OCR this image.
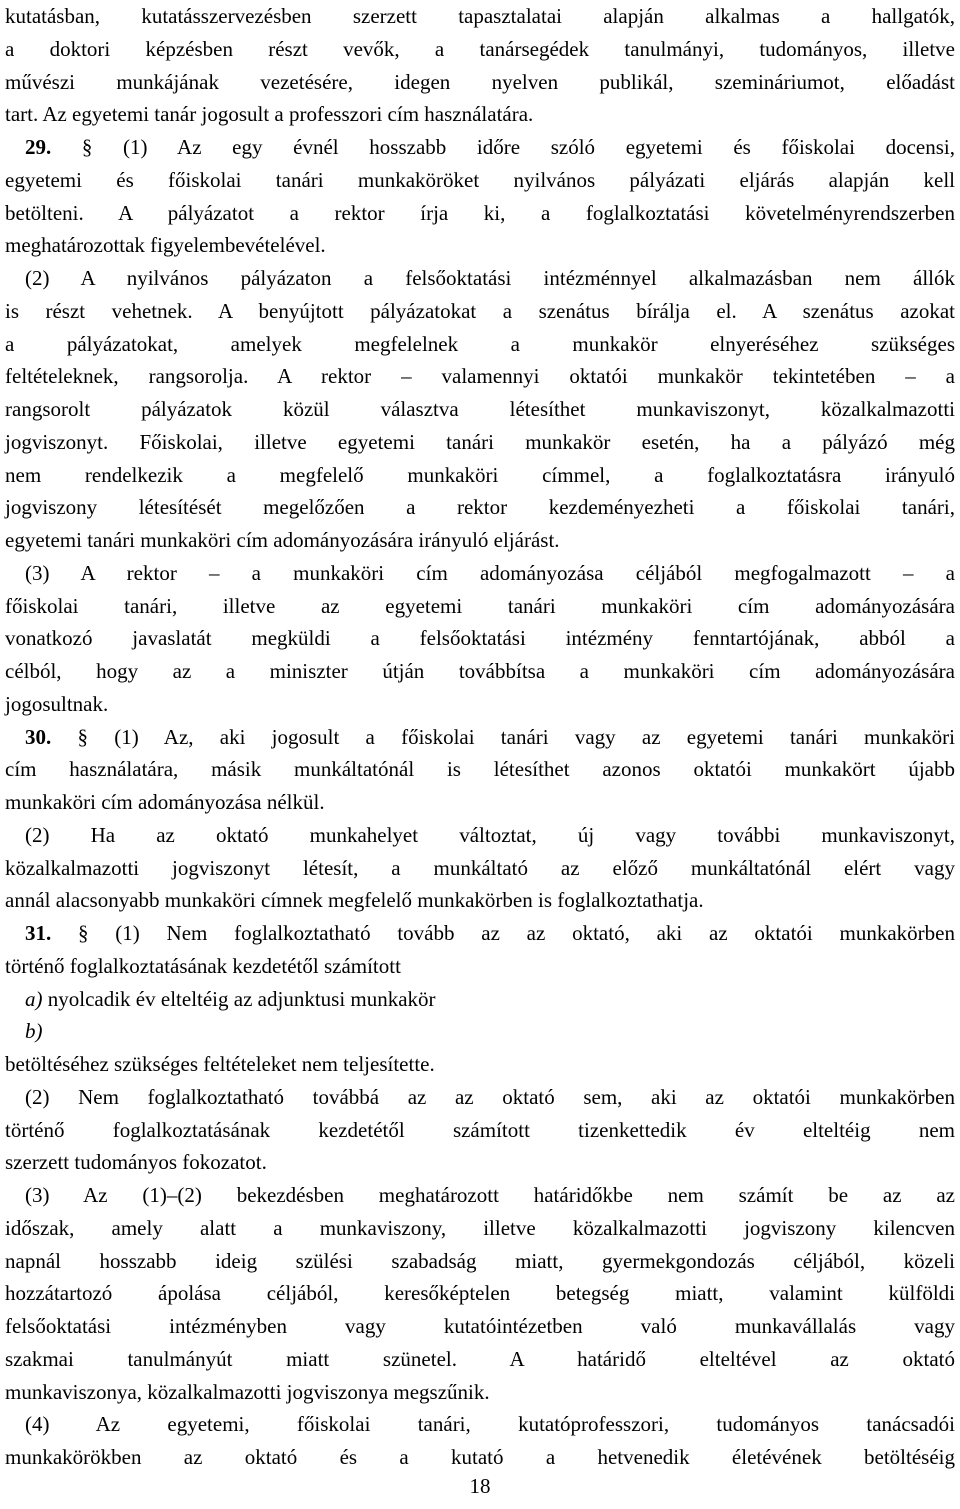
kutatásban, kutatásszervezésben szerzett tapasztalatai alapján alkalmas a hallgatók,
a doktori képzésben részt vevők, a tanársegédek tanulmányi, tudományos, illetve
művészi munkájának vezetésére, idegen nyelven publikál, szemináriumot, előadást
tart. Az egyetemi tanár jogosult a professzori cím használatára.
29. § (1) Az egy évnél hosszabb időre szóló egyetemi és főiskolai docensi,
egyetemi és főiskolai tanári munkaköröket nyilvános pályázati eljárás alapján kell
betölteni. A pályázatot a rektor írja ki, a foglalkoztatási követelményrendszerben
meghatározottak figyelembevételével.
(2) A nyilvános pályázaton a felsőoktatási intézménnyel alkalmazásban nem állók
is részt vehetnek. A benyújtott pályázatokat a szenátus bírálja el. A szenátus azokat
a pályázatokat, amelyek megfelelnek a munkakör elnyeréséhez szükséges
feltételeknek, rangsorolja. A rektor – valamennyi oktatói munkakör tekintetében – a
rangsorolt pályázatok közül választva létesíthet munkaviszonyt, közalkalmazotti
jogviszonyt. Főiskolai, illetve egyetemi tanári munkakör esetén, ha a pályázó még
nem rendelkezik a megfelelő munkaköri címmel, a foglalkoztatásra irányuló
jogviszony létesítését megelőzően a rektor kezdeményezheti a főiskolai tanári,
egyetemi tanári munkaköri cím adományozására irányuló eljárást.
(3) A rektor – a munkaköri cím adományozása céljából megfogalmazott – a
főiskolai tanári, illetve az egyetemi tanári munkaköri cím adományozására
vonatkozó javaslatát megküldi a felsőoktatási intézmény fenntartójának, abból a
célból, hogy az a miniszter útján továbbítsa a munkaköri cím adományozására
jogosultnak.
30. § (1) Az, aki jogosult a főiskolai tanári vagy az egyetemi tanári munkaköri
cím használatára, másik munkáltatónál is létesíthet azonos oktatói munkakört újabb
munkaköri cím adományozása nélkül.
(2) Ha az oktató munkahelyet változtat, új vagy további munkaviszonyt,
közalkalmazotti jogviszonyt létesít, a munkáltató az előző munkáltatónál elért vagy
annál alacsonyabb munkaköri címnek megfelelő munkakörben is foglalkoztathatja.
31. § (1) Nem foglalkoztatható tovább az az oktató, aki az oktatói munkakörben
történő foglalkoztatásának kezdetétől számított
a) nyolcadik év elteltéig az adjunktusi munkakör
b)
betöltéséhez szükséges feltételeket nem teljesítette.
(2) Nem foglalkoztatható továbbá az az oktató sem, aki az oktatói munkakörben
történő foglalkoztatásának kezdetétől számított tizenkettedik év elteltéig nem
szerzett tudományos fokozatot.
(3) Az (1)–(2) bekezdésben meghatározott határidőkbe nem számít be az az
időszak, amely alatt a munkaviszony, illetve közalkalmazotti jogviszony kilencven
napnál hosszabb ideig szülési szabadság miatt, gyermekgondozás céljából, közeli
hozzátartozó ápolása céljából, keresőképtelen betegség miatt, valamint külföldi
felsőoktatási intézményben vagy kutatóintézetben való munkavállalás vagy
szakmai tanulmányút miatt szünetel. A határidő elteltével az oktató
munkaviszonya, közalkalmazotti jogviszonya megszűnik.
(4) Az egyetemi, főiskolai tanári, kutatóprofesszori, tudományos tanácsadói
munkakörökben az oktató és a kutató a hetvenedik életévének betöltéséig
18
